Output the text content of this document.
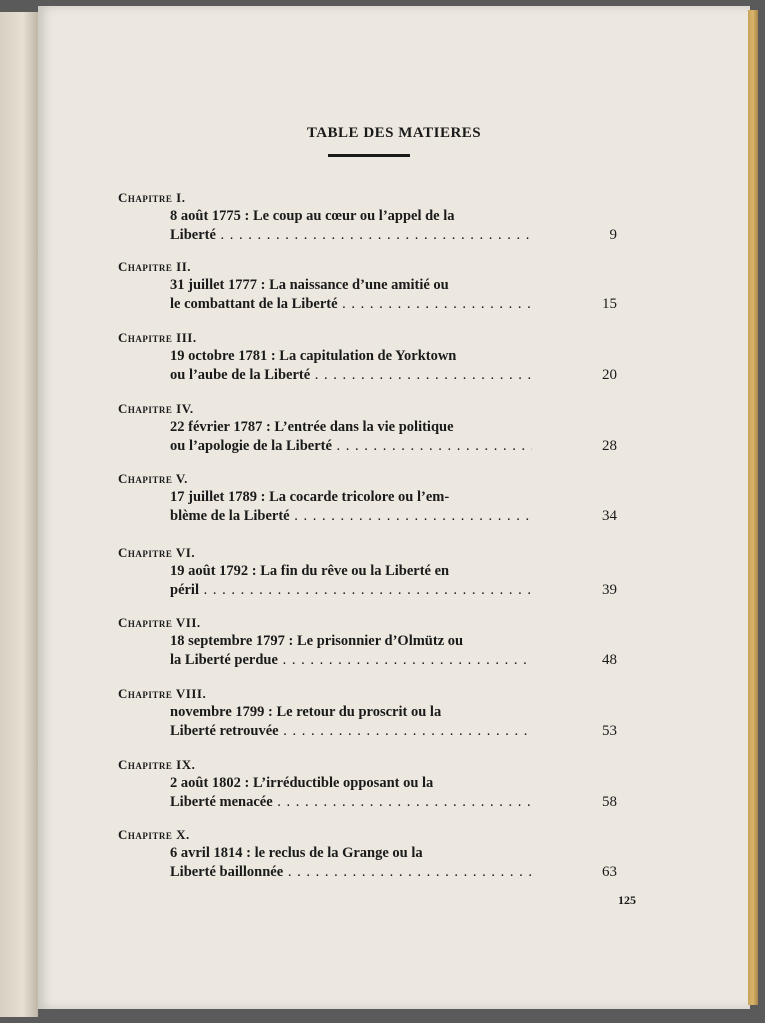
TABLE DES MATIERES
Chapitre I.
8 août 1775 : Le coup au cœur ou l’appel de la
Liberté . . .	9
Chapitre II.
31 juillet 1777 : La naissance d’une amitié ou
le combattant de la Liberté . . .	15
Chapitre III.
19 octobre 1781 : La capitulation de Yorktown
ou l’aube de la Liberté . . .	20
Chapitre IV.
22 février 1787 : L’entrée dans la vie politique
ou l’apologie de la Liberté . . .	28
Chapitre V.
17 juillet 1789 : La cocarde tricolore ou l’em-
blème de la Liberté . . .	34
Chapitre VI.
19 août 1792 : La fin du rêve ou la Liberté en
péril . . .	39
Chapitre VII.
18 septembre 1797 : Le prisonnier d’Olmütz ou
la Liberté perdue . . .	48
Chapitre VIII.
novembre 1799 : Le retour du proscrit ou la
Liberté retrouvée . . .	53
Chapitre IX.
2 août 1802 : L’irréductible opposant ou la
Liberté menacée . . .	58
Chapitre X.
6 avril 1814 : le reclus de la Grange ou la
Liberté baillonnée . . .	63
125
